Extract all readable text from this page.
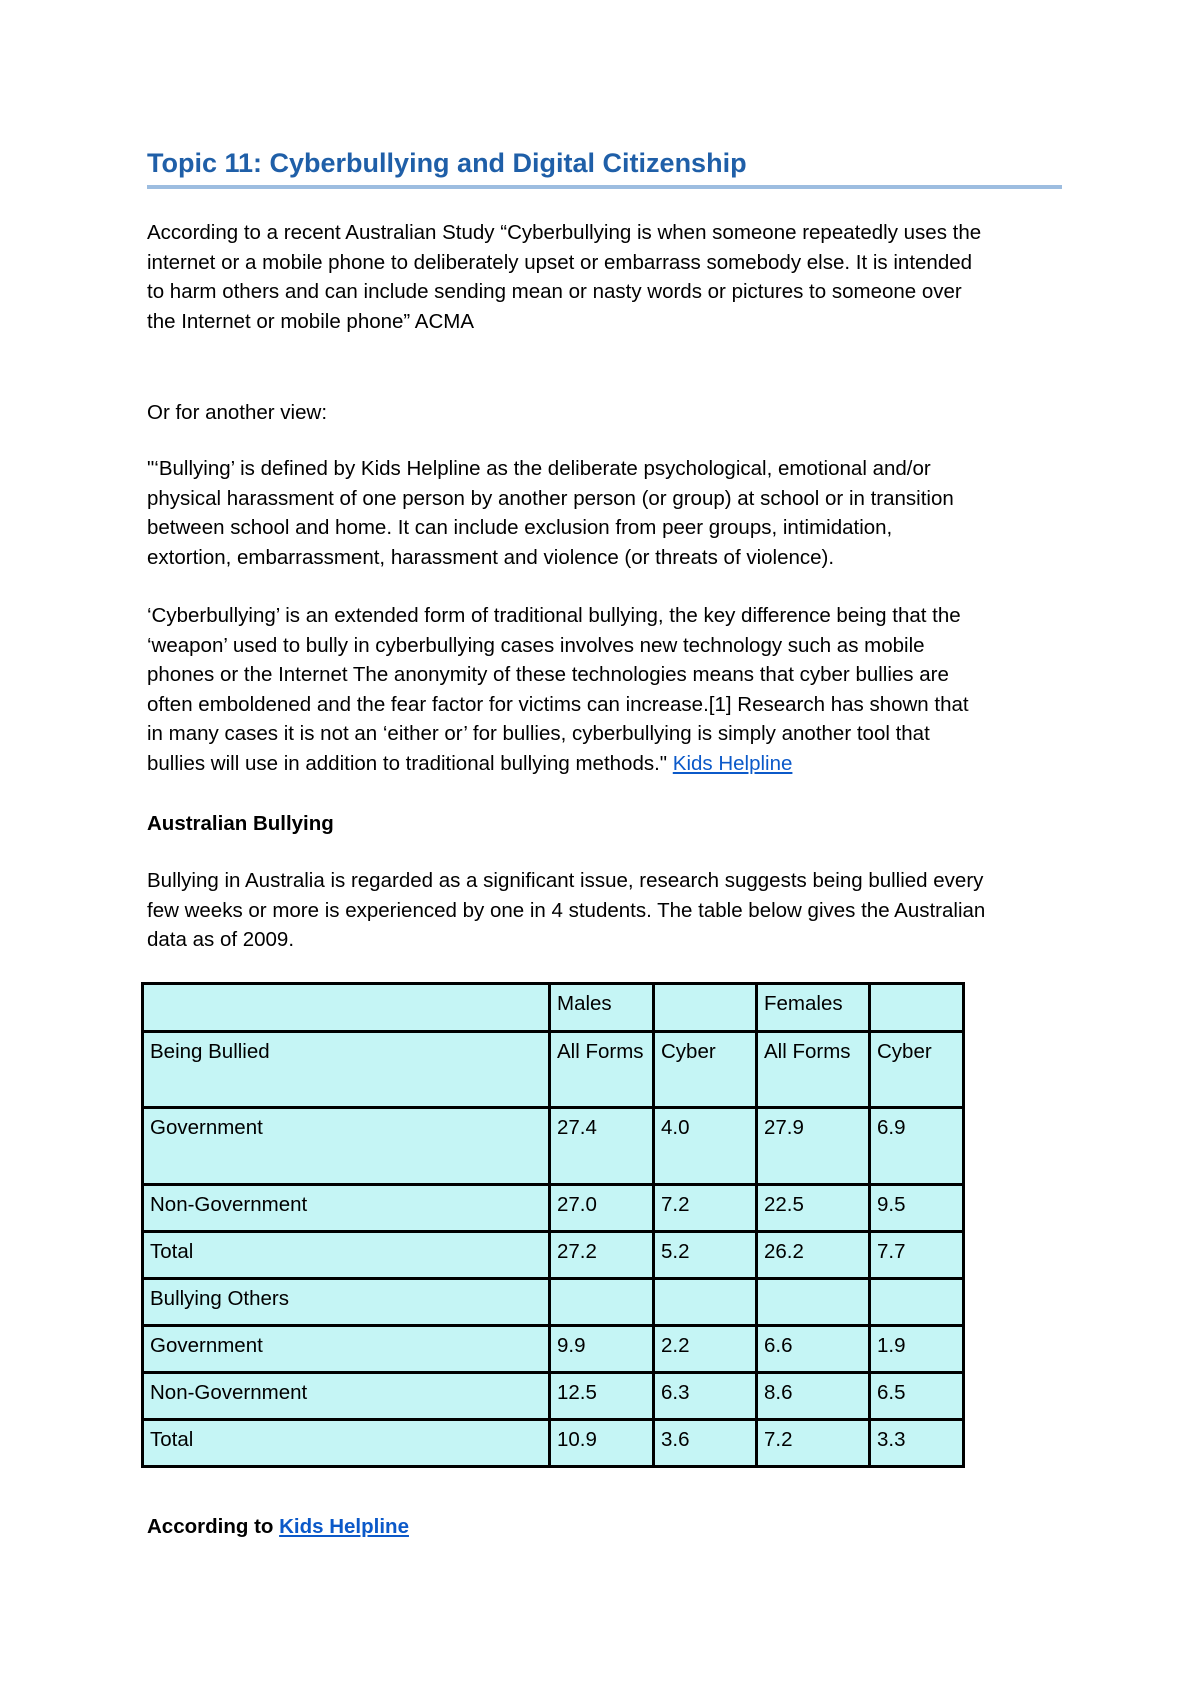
Topic 11: Cyberbullying and Digital Citizenship

According to a recent Australian Study “Cyberbullying is when someone repeatedly uses the
internet or a mobile phone to deliberately upset or embarrass somebody else. It is intended
to harm others and can include sending mean or nasty words or pictures to someone over
the Internet or mobile phone” ACMA

Or for another view:

"‘Bullying’ is defined by Kids Helpline as the deliberate psychological, emotional and/or
physical harassment of one person by another person (or group) at school or in transition
between school and home. It can include exclusion from peer groups, intimidation,
extortion, embarrassment, harassment and violence (or threats of violence).

‘Cyberbullying’ is an extended form of traditional bullying, the key difference being that the
‘weapon’ used to bully in cyberbullying cases involves new technology such as mobile
phones or the Internet The anonymity of these technologies means that cyber bullies are
often emboldened and the fear factor for victims can increase.[1] Research has shown that
in many cases it is not an ‘either or’ for bullies, cyberbullying is simply another tool that
bullies will use in addition to traditional bullying methods." Kids Helpline

Australian Bullying

Bullying in Australia is regarded as a significant issue, research suggests being bullied every
few weeks or more is experienced by one in 4 students. The table below gives the Australian
data as of 2009.

	Males		Females	
Being Bullied	All Forms	Cyber	All Forms	Cyber
Government	27.4	4.0	27.9	6.9
Non-Government	27.0	7.2	22.5	9.5
Total	27.2	5.2	26.2	7.7
Bullying Others				
Government	9.9	2.2	6.6	1.9
Non-Government	12.5	6.3	8.6	6.5
Total	10.9	3.6	7.2	3.3

According to Kids Helpline
